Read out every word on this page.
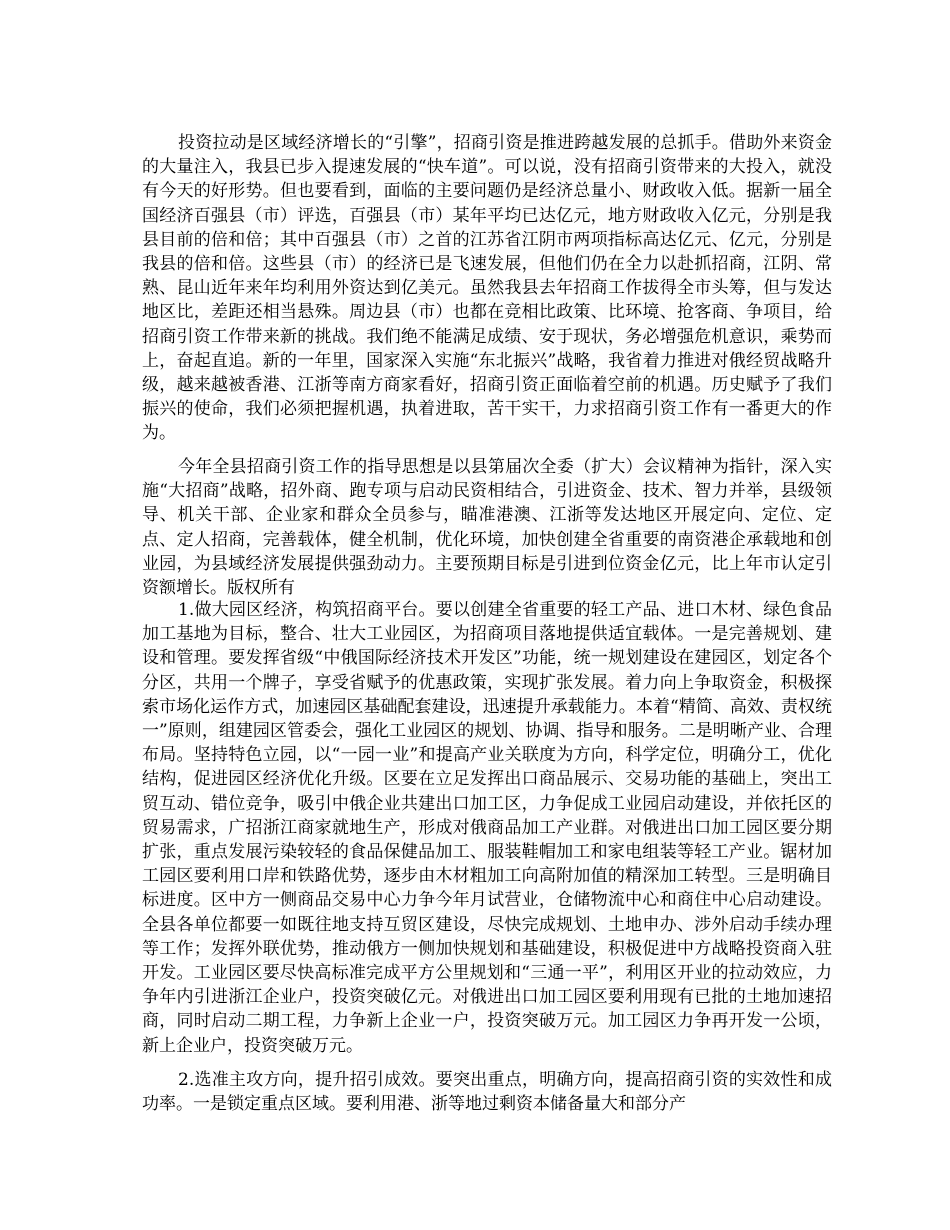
投资拉动是区域经济增长的“引擎”，招商引资是推进跨越发展的总抓手。借助外来资金的大量注入，我县已步入提速发展的“快车道”。可以说，没有招商引资带来的大投入，就没有今天的好形势。但也要看到，面临的主要问题仍是经济总量小、财政收入低。据新一届全国经济百强县（市）评选，百强县（市）某年平均已达亿元，地方财政收入亿元，分别是我县目前的倍和倍；其中百强县（市）之首的江苏省江阴市两项指标高达亿元、亿元，分别是我县的倍和倍。这些县（市）的经济已是飞速发展，但他们仍在全力以赴抓招商，江阴、常熟、昆山近年来年均利用外资达到亿美元。虽然我县去年招商工作拔得全市头筹，但与发达地区比，差距还相当悬殊。周边县（市）也都在竞相比政策、比环境、抢客商、争项目，给招商引资工作带来新的挑战。我们绝不能满足成绩、安于现状，务必增强危机意识，乘势而上，奋起直追。新的一年里，国家深入实施“东北振兴”战略，我省着力推进对俄经贸战略升级，越来越被香港、江浙等南方商家看好，招商引资正面临着空前的机遇。历史赋予了我们振兴的使命，我们必须把握机遇，执着进取，苦干实干，力求招商引资工作有一番更大的作为。

今年全县招商引资工作的指导思想是以县第届次全委（扩大）会议精神为指针，深入实施“大招商”战略，招外商、跑专项与启动民资相结合，引进资金、技术、智力并举，县级领导、机关干部、企业家和群众全员参与，瞄准港澳、江浙等发达地区开展定向、定位、定点、定人招商，完善载体，健全机制，优化环境，加快创建全省重要的南资港企承载地和创业园，为县域经济发展提供强劲动力。主要预期目标是引进到位资金亿元，比上年市认定引资额增长。版权所有

1.做大园区经济，构筑招商平台。要以创建全省重要的轻工产品、进口木材、绿色食品加工基地为目标，整合、壮大工业园区，为招商项目落地提供适宜载体。一是完善规划、建设和管理。要发挥省级“中俄国际经济技术开发区”功能，统一规划建设在建园区，划定各个分区，共用一个牌子，享受省赋予的优惠政策，实现扩张发展。着力向上争取资金，积极探索市场化运作方式，加速园区基础配套建设，迅速提升承载能力。本着“精简、高效、责权统一”原则，组建园区管委会，强化工业园区的规划、协调、指导和服务。二是明晰产业、合理布局。坚持特色立园，以“一园一业”和提高产业关联度为方向，科学定位，明确分工，优化结构，促进园区经济优化升级。区要在立足发挥出口商品展示、交易功能的基础上，突出工贸互动、错位竞争，吸引中俄企业共建出口加工区，力争促成工业园启动建设，并依托区的贸易需求，广招浙江商家就地生产，形成对俄商品加工产业群。对俄进出口加工园区要分期扩张，重点发展污染较轻的食品保健品加工、服装鞋帽加工和家电组装等轻工产业。锯材加工园区要利用口岸和铁路优势，逐步由木材粗加工向高附加值的精深加工转型。三是明确目标进度。区中方一侧商品交易中心力争今年月试营业，仓储物流中心和商住中心启动建设。全县各单位都要一如既往地支持互贸区建设，尽快完成规划、土地申办、涉外启动手续办理等工作；发挥外联优势，推动俄方一侧加快规划和基础建设，积极促进中方战略投资商入驻开发。工业园区要尽快高标准完成平方公里规划和“三通一平”，利用区开业的拉动效应，力争年内引进浙江企业户，投资突破亿元。对俄进出口加工园区要利用现有已批的土地加速招商，同时启动二期工程，力争新上企业一户，投资突破万元。加工园区力争再开发一公顷，新上企业户，投资突破万元。

2.选准主攻方向，提升招引成效。要突出重点，明确方向，提高招商引资的实效性和成功率。一是锁定重点区域。要利用港、浙等地过剩资本储备量大和部分产
